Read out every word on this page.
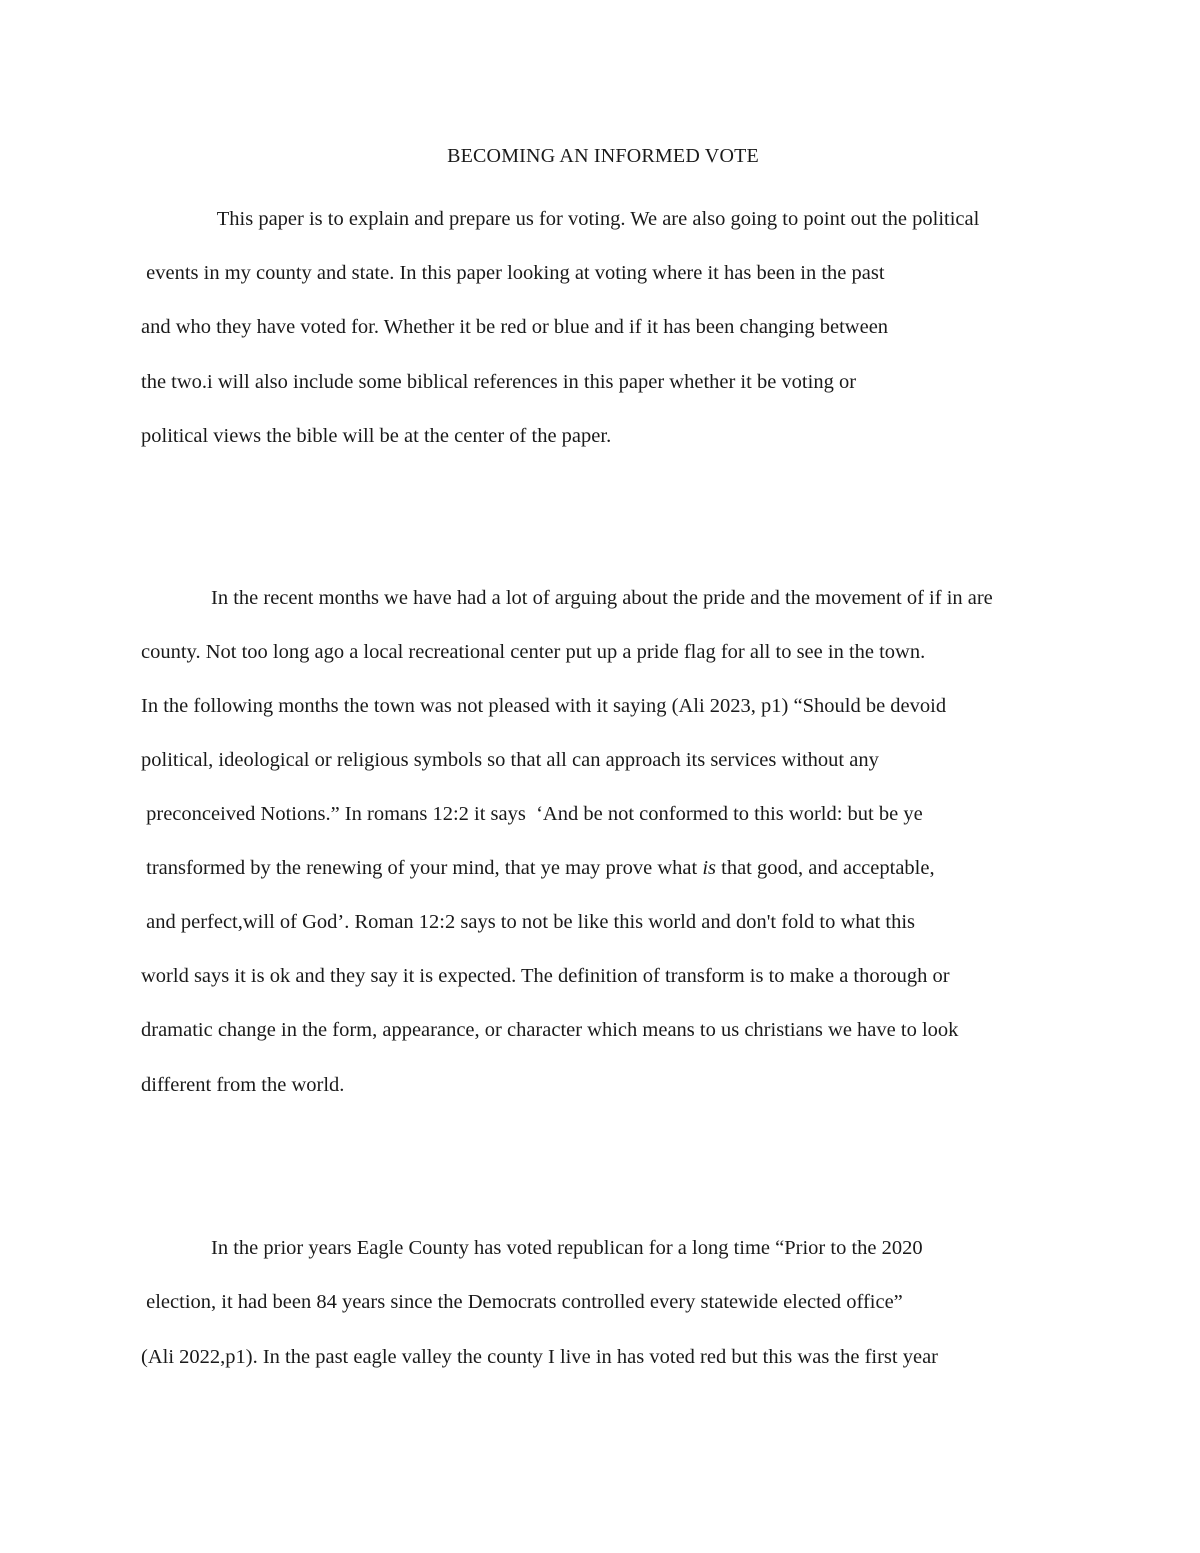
BECOMING AN INFORMED VOTE
This paper is to explain and prepare us for voting. We are also going to point out the political
events in my county and state. In this paper looking at voting where it has been in the past
and who they have voted for. Whether it be red or blue and if it has been changing between
the two.i will also include some biblical references in this paper whether it be voting or
political views the bible will be at the center of the paper.
In the recent months we have had a lot of arguing about the pride and the movement of if in are
county. Not too long ago a local recreational center put up a pride flag for all to see in the town.
In the following months the town was not pleased with it saying (Ali 2023, p1) “Should be devoid
political, ideological or religious symbols so that all can approach its services without any
preconceived Notions.” In romans 12:2 it says  ‘And be not conformed to this world: but be ye
transformed by the renewing of your mind, that ye may prove what is that good, and acceptable,
and perfect,will of God’. Roman 12:2 says to not be like this world and don't fold to what this
world says it is ok and they say it is expected. The definition of transform is to make a thorough or
dramatic change in the form, appearance, or character which means to us christians we have to look
different from the world.
In the prior years Eagle County has voted republican for a long time “Prior to the 2020
election, it had been 84 years since the Democrats controlled every statewide elected office”
(Ali 2022,p1). In the past eagle valley the county I live in has voted red but this was the first year
